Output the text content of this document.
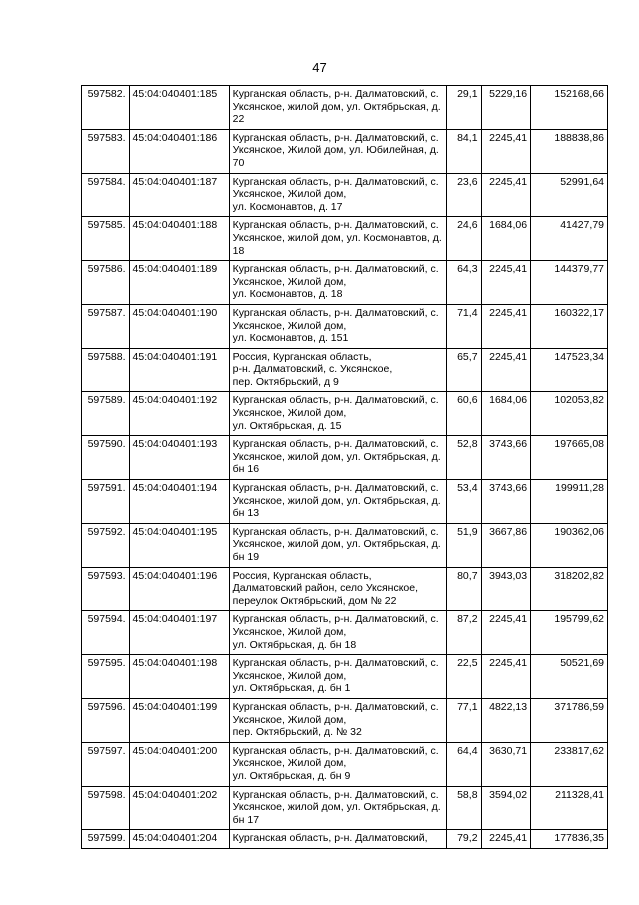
47
597582.	45:04:040401:185	Курганская область, р-н. Далматовский, с. Уксянское, жилой дом, ул. Октябрьская, д. 22	29,1	5229,16	152168,66
597583.	45:04:040401:186	Курганская область, р-н. Далматовский, с. Уксянское, Жилой дом, ул. Юбилейная, д. 70	84,1	2245,41	188838,86
597584.	45:04:040401:187	Курганская область, р-н. Далматовский, с. Уксянское, Жилой дом,
ул. Космонавтов, д. 17	23,6	2245,41	52991,64
597585.	45:04:040401:188	Курганская область, р-н. Далматовский, с. Уксянское, жилой дом, ул. Космонавтов, д. 18	24,6	1684,06	41427,79
597586.	45:04:040401:189	Курганская область, р-н. Далматовский, с. Уксянское, Жилой дом,
ул. Космонавтов, д. 18	64,3	2245,41	144379,77
597587.	45:04:040401:190	Курганская область, р-н. Далматовский, с. Уксянское, Жилой дом,
ул. Космонавтов, д. 151	71,4	2245,41	160322,17
597588.	45:04:040401:191	Россия, Курганская область,
р-н. Далматовский, с. Уксянское,
пер. Октябрьский, д 9	65,7	2245,41	147523,34
597589.	45:04:040401:192	Курганская область, р-н. Далматовский, с. Уксянское, Жилой дом,
ул. Октябрьская, д. 15	60,6	1684,06	102053,82
597590.	45:04:040401:193	Курганская область, р-н. Далматовский, с. Уксянское, жилой дом, ул. Октябрьская, д. бн 16	52,8	3743,66	197665,08
597591.	45:04:040401:194	Курганская область, р-н. Далматовский, с. Уксянское, жилой дом, ул. Октябрьская, д. бн 13	53,4	3743,66	199911,28
597592.	45:04:040401:195	Курганская область, р-н. Далматовский, с. Уксянское, жилой дом, ул. Октябрьская, д. бн 19	51,9	3667,86	190362,06
597593.	45:04:040401:196	Россия, Курганская область,
Далматовский район, село Уксянское, переулок Октябрьский, дом № 22	80,7	3943,03	318202,82
597594.	45:04:040401:197	Курганская область, р-н. Далматовский, с. Уксянское, Жилой дом,
ул. Октябрьская, д. бн 18	87,2	2245,41	195799,62
597595.	45:04:040401:198	Курганская область, р-н. Далматовский, с. Уксянское, Жилой дом,
ул. Октябрьская, д. бн 1	22,5	2245,41	50521,69
597596.	45:04:040401:199	Курганская область, р-н. Далматовский, с. Уксянское, Жилой дом,
пер. Октябрьский, д. № 32	77,1	4822,13	371786,59
597597.	45:04:040401:200	Курганская область, р-н. Далматовский, с. Уксянское, Жилой дом,
ул. Октябрьская, д. бн 9	64,4	3630,71	233817,62
597598.	45:04:040401:202	Курганская область, р-н. Далматовский, с. Уксянское, жилой дом, ул. Октябрьская, д. бн 17	58,8	3594,02	211328,41
597599.	45:04:040401:204	Курганская область, р-н. Далматовский,	79,2	2245,41	177836,35
